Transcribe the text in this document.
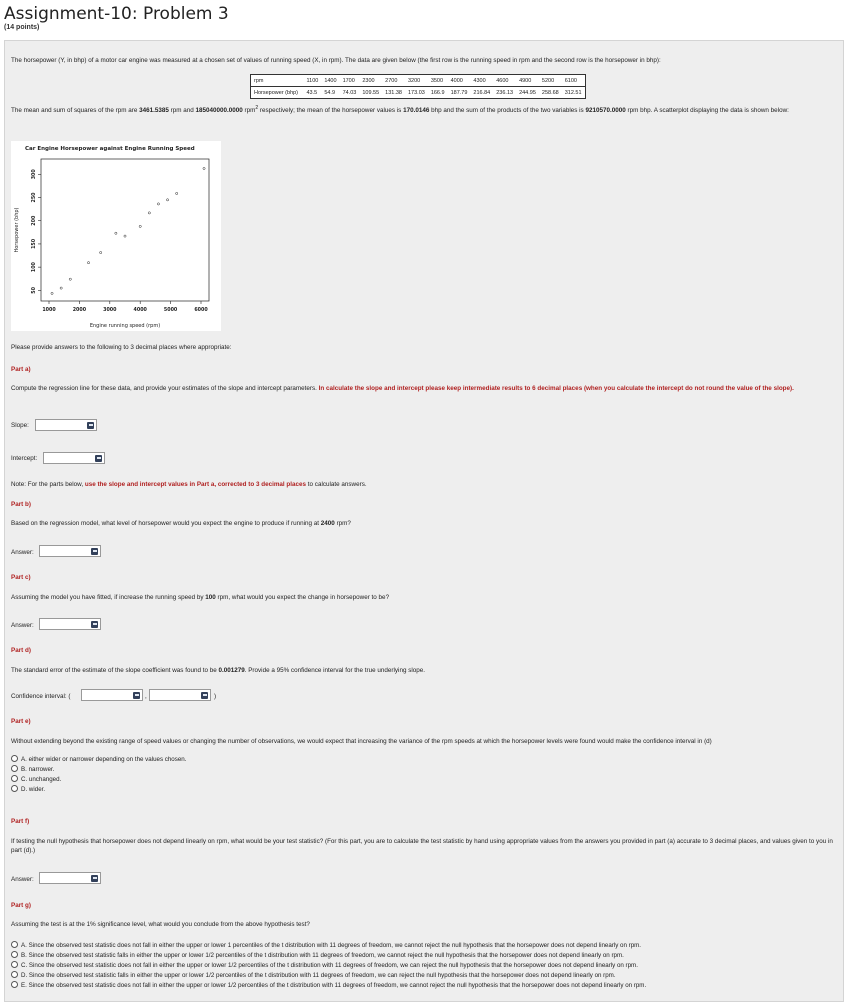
Assignment-10: Problem 3
(14 points)
The horsepower (Y, in bhp) of a motor car engine was measured at a chosen set of values of running speed (X, in rpm). The data are given below (the first row is the running speed in rpm and the second row is the horsepower in bhp):
rpm	1100	1400	1700	2300	2700	3200	3500	4000	4300	4600	4900	5200	6100
Horsepower (bhp)	43.5	54.9	74.03	109.55	131.38	173.03	166.9	187.79	216.84	236.13	244.95	258.68	312.51
The mean and sum of squares of the rpm are 3461.5385 rpm and 185040000.0000 rpm$^2$ respectively; the mean of the horsepower values is 170.0146 bhp and the sum of the products of the two variables is 9210570.0000 rpm bhp. A scatterplot displaying the data is shown below:
Car Engine Horsepower against Engine Running Speed
1000	2000	3000	4000	5000	6000
50
100
150
200
250
300
Engine running speed (rpm)
Horsepower (bhp)
Please provide answers to the following to 3 decimal places where appropriate:
Part a)
Compute the regression line for these data, and provide your estimates of the slope and intercept parameters. In calculate the slope and intercept please keep intermediate results to 6 decimal places (when you calculate the intercept do not round the value of the slope).
Slope:
Intercept:
Note: For the parts below, use the slope and intercept values in Part a, corrected to 3 decimal places to calculate answers.
Part b)
Based on the regression model, what level of horsepower would you expect the engine to produce if running at 2400 rpm?
Answer:
Part c)
Assuming the model you have fitted, if increase the running speed by 100 rpm, what would you expect the change in horsepower to be?
Answer:
Part d)
The standard error of the estimate of the slope coefficient was found to be 0.001279. Provide a 95% confidence interval for the true underlying slope.
Confidence interval: (	,	)
Part e)
Without extending beyond the existing range of speed values or changing the number of observations, we would expect that increasing the variance of the rpm speeds at which the horsepower levels were found would make the confidence interval in (d)
A. either wider or narrower depending on the values chosen.
B. narrower.
C. unchanged.
D. wider.
Part f)
If testing the null hypothesis that horsepower does not depend linearly on rpm, what would be your test statistic? (For this part, you are to calculate the test statistic by hand using appropriate values from the answers you provided in part (a) accurate to 3 decimal places, and values given to you in part (d).)
Answer:
Part g)
Assuming the test is at the 1% significance level, what would you conclude from the above hypothesis test?
A. Since the observed test statistic does not fall in either the upper or lower 1 percentiles of the t distribution with 11 degrees of freedom, we cannot reject the null hypothesis that the horsepower does not depend linearly on rpm.
B. Since the observed test statistic falls in either the upper or lower 1/2 percentiles of the t distribution with 11 degrees of freedom, we cannot reject the null hypothesis that the horsepower does not depend linearly on rpm.
C. Since the observed test statistic does not fall in either the upper or lower 1/2 percentiles of the t distribution with 11 degrees of freedom, we can reject the null hypothesis that the horsepower does not depend linearly on rpm.
D. Since the observed test statistic falls in either the upper or lower 1/2 percentiles of the t distribution with 11 degrees of freedom, we can reject the null hypothesis that the horsepower does not depend linearly on rpm.
E. Since the observed test statistic does not fall in either the upper or lower 1/2 percentiles of the t distribution with 11 degrees of freedom, we cannot reject the null hypothesis that the horsepower does not depend linearly on rpm.
